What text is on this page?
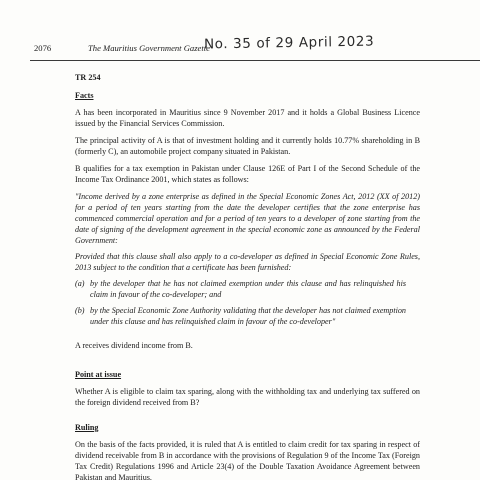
2076	The Mauritius Government Gazette
No. 35 of 29 April 2023
TR 254
Facts

A has been incorporated in Mauritius since 9 November 2017 and it holds a Global Business Licence issued by the Financial Services Commission.

The principal activity of A is that of investment holding and it currently holds 10.77% shareholding in B (formerly C), an automobile project company situated in Pakistan.

B qualifies for a tax exemption in Pakistan under Clause 126E of Part I of the Second Schedule of the Income Tax Ordinance 2001, which states as follows:

"Income derived by a zone enterprise as defined in the Special Economic Zones Act, 2012 (XX of 2012) for a period of ten years starting from the date the developer certifies that the zone enterprise has commenced commercial operation and for a period of ten years to a developer of zone starting from the date of signing of the development agreement in the special economic zone as announced by the Federal Government:

Provided that this clause shall also apply to a co-developer as defined in Special Economic Zone Rules, 2013 subject to the condition that a certificate has been furnished:

(a) by the developer that he has not claimed exemption under this clause and has relinquished his claim in favour of the co-developer; and
(b) by the Special Economic Zone Authority validating that the developer has not claimed exemption under this clause and has relinquished claim in favour of the co-developer"

A receives dividend income from B.

Point at issue

Whether A is eligible to claim tax sparing, along with the withholding tax and underlying tax suffered on the foreign dividend received from B?

Ruling

On the basis of the facts provided, it is ruled that A is entitled to claim credit for tax sparing in respect of dividend receivable from B in accordance with the provisions of Regulation 9 of the Income Tax (Foreign Tax Credit) Regulations 1996 and Article 23(4) of the Double Taxation Avoidance Agreement between Pakistan and Mauritius.
